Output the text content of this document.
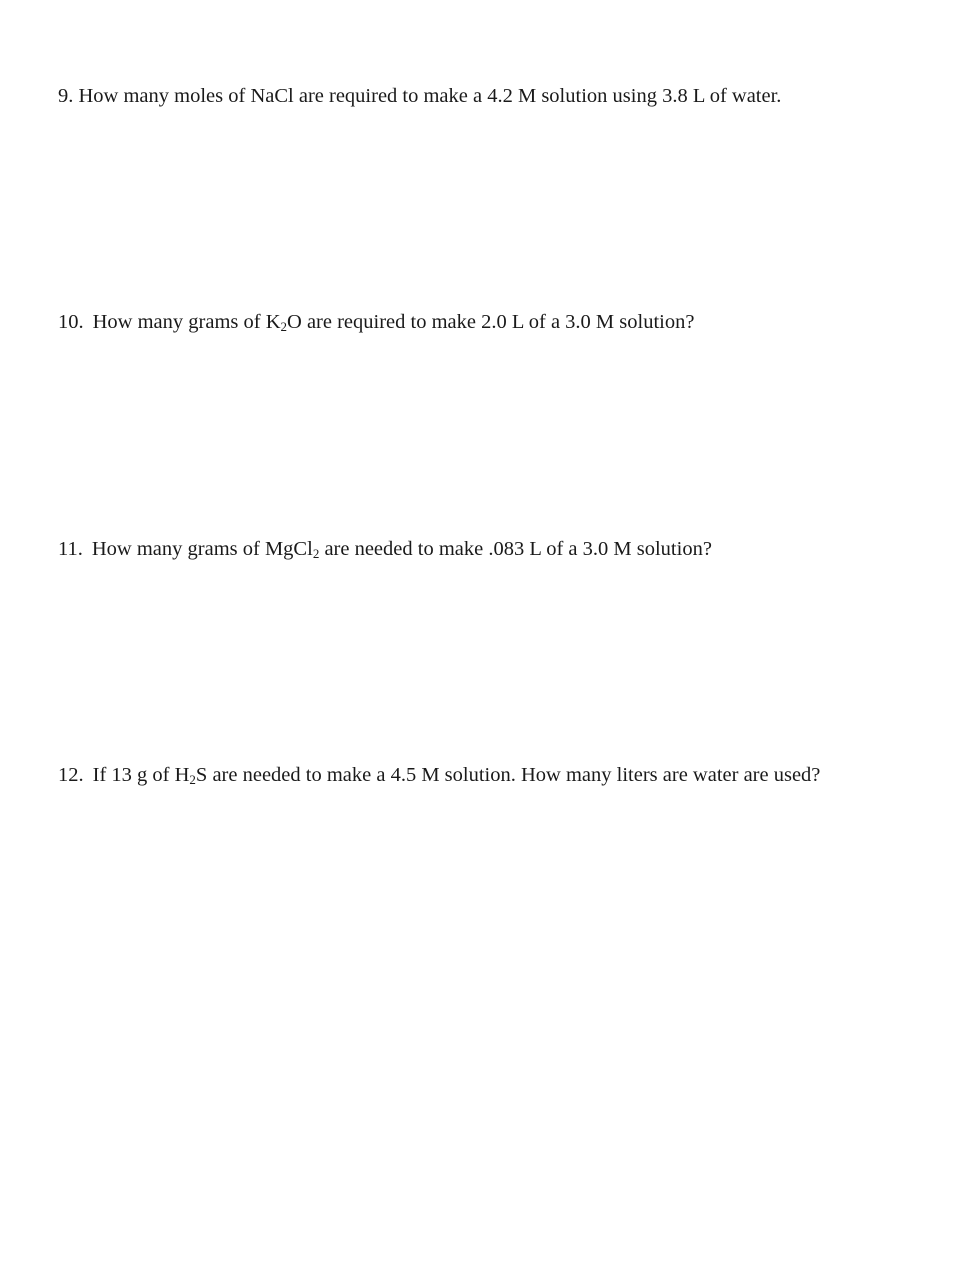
9. How many moles of NaCl are required to make a 4.2 M solution using 3.8 L of water.
10. How many grams of $K_2O$ are required to make 2.0 L of a 3.0 M solution?
11. How many grams of MgCl$_2$ are needed to make .083 L of a 3.0 M solution?
12. If 13 g of $H_2S$ are needed to make a 4.5 M solution. How many liters are water are used?
